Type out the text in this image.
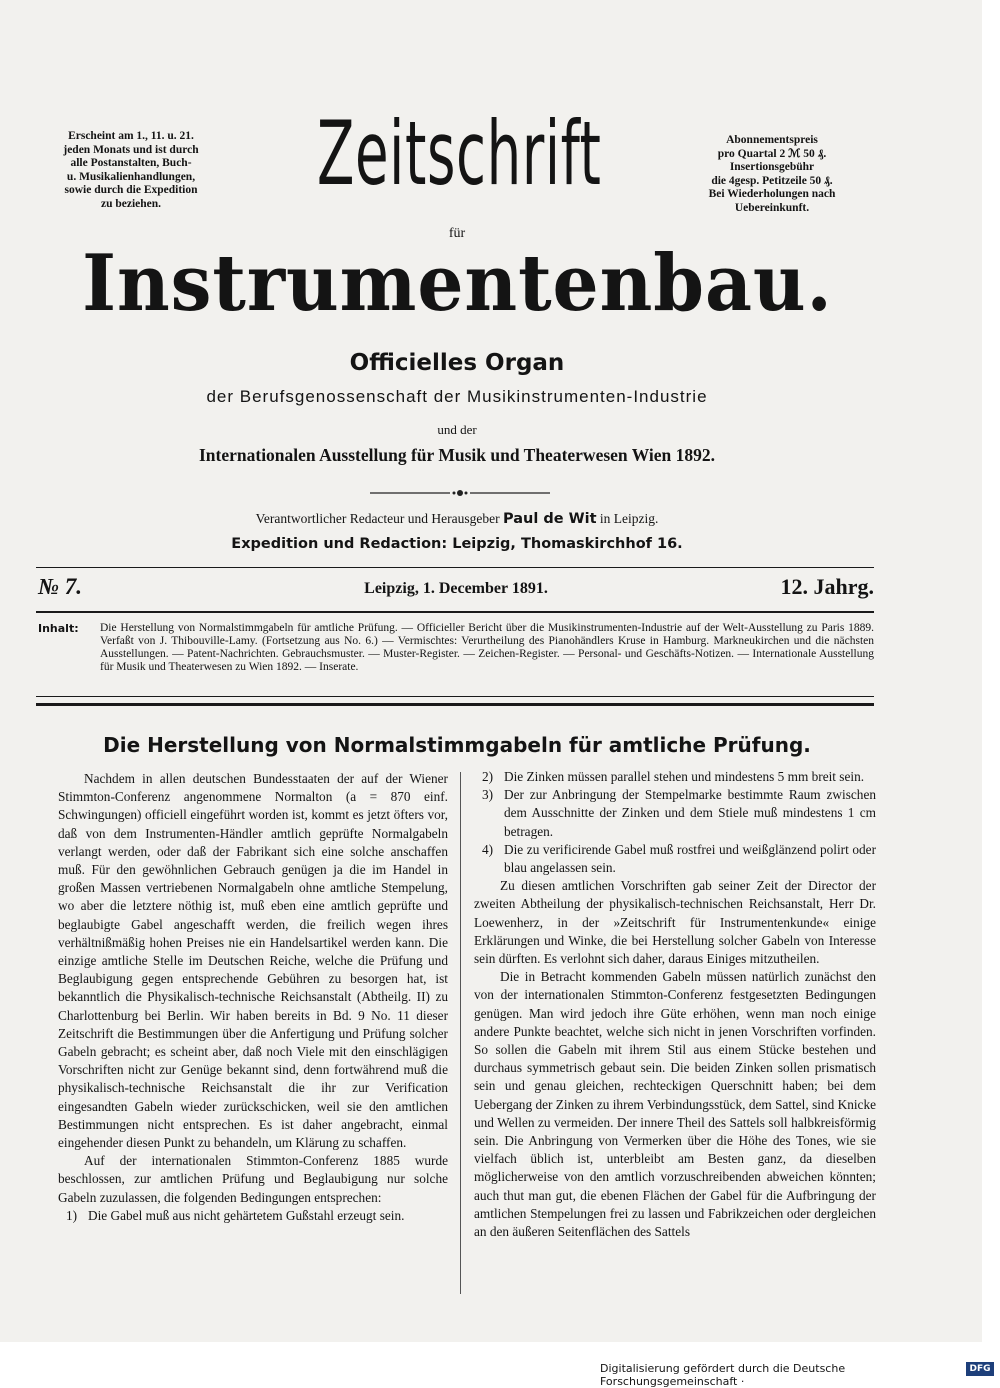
Erscheint am 1., 11. u. 21.
jeden Monats und ist durch
alle Postanstalten, Buch-
u. Musikalienhandlungen,
sowie durch die Expedition
zu beziehen.
Abonnementspreis
pro Quartal 2 ℳ 50 ₰.
Insertionsgebühr
die 4gesp. Petitzeile 50 ₰.
Bei Wiederholungen nach
Uebereinkunft.
Zeitschrift
für
Instrumentenbau.
Officielles Organ
der Berufsgenossenschaft der Musikinstrumenten-Industrie
und der
Internationalen Ausstellung für Musik und Theaterwesen Wien 1892.
Verantwortlicher Redacteur und Herausgeber Paul de Wit in Leipzig.
Expedition und Redaction: Leipzig, Thomaskirchhof 16.
№ 7.	Leipzig, 1. December 1891.	12. Jahrg.
Inhalt: Die Herstellung von Normalstimmgabeln für amtliche Prüfung. — Officieller Bericht über die Musikinstrumenten-Industrie auf der Welt-Ausstellung zu Paris 1889. Verfaßt von J. Thibouville-Lamy. (Fortsetzung aus No. 6.) — Vermischtes: Verurtheilung des Pianohändlers Kruse in Hamburg. Markneukirchen und die nächsten Ausstellungen. — Patent-Nachrichten. Gebrauchsmuster. — Muster-Register. — Zeichen-Register. — Personal- und Geschäfts-Notizen. — Internationale Ausstellung für Musik und Theaterwesen zu Wien 1892. — Inserate.
Die Herstellung von Normalstimmgabeln für amtliche Prüfung.

Nachdem in allen deutschen Bundesstaaten der auf der Wiener Stimmton-Conferenz angenommene Normalton (a = 870 einf. Schwingungen) officiell eingeführt worden ist, kommt es jetzt öfters vor, daß von dem Instrumenten-Händler amtlich geprüfte Normalgabeln verlangt werden, oder daß der Fabrikant sich eine solche anschaffen muß. Für den gewöhnlichen Gebrauch genügen ja die im Handel in großen Massen vertriebenen Normalgabeln ohne amtliche Stempelung, wo aber die letztere nöthig ist, muß eben eine amtlich geprüfte und beglaubigte Gabel angeschafft werden, die freilich wegen ihres verhältnißmäßig hohen Preises nie ein Handelsartikel werden kann. Die einzige amtliche Stelle im Deutschen Reiche, welche die Prüfung und Beglaubigung gegen entsprechende Gebühren zu besorgen hat, ist bekanntlich die Physikalisch-technische Reichsanstalt (Abtheilg. II) zu Charlottenburg bei Berlin. Wir haben bereits in Bd. 9 No. 11 dieser Zeitschrift die Bestimmungen über die Anfertigung und Prüfung solcher Gabeln gebracht; es scheint aber, daß noch Viele mit den einschlägigen Vorschriften nicht zur Genüge bekannt sind, denn fortwährend muß die physikalisch-technische Reichsanstalt die ihr zur Verification eingesandten Gabeln wieder zurückschicken, weil sie den amtlichen Bestimmungen nicht entsprechen. Es ist daher angebracht, einmal eingehender diesen Punkt zu behandeln, um Klärung zu schaffen.

Auf der internationalen Stimmton-Conferenz 1885 wurde beschlossen, zur amtlichen Prüfung und Beglaubigung nur solche Gabeln zuzulassen, die folgenden Bedingungen entsprechen:

1) Die Gabel muß aus nicht gehärtetem Gußstahl erzeugt sein.
2) Die Zinken müssen parallel stehen und mindestens 5 mm breit sein.
3) Der zur Anbringung der Stempelmarke bestimmte Raum zwischen dem Ausschnitte der Zinken und dem Stiele muß mindestens 1 cm betragen.
4) Die zu verificirende Gabel muß rostfrei und weißglänzend polirt oder blau angelassen sein.

Zu diesen amtlichen Vorschriften gab seiner Zeit der Director der zweiten Abtheilung der physikalisch-technischen Reichsanstalt, Herr Dr. Loewenherz, in der »Zeitschrift für Instrumentenkunde« einige Erklärungen und Winke, die bei Herstellung solcher Gabeln von Interesse sein dürften. Es verlohnt sich daher, daraus Einiges mitzutheilen.

Die in Betracht kommenden Gabeln müssen natürlich zunächst den von der internationalen Stimmton-Conferenz festgesetzten Bedingungen genügen. Man wird jedoch ihre Güte erhöhen, wenn man noch einige andere Punkte beachtet, welche sich nicht in jenen Vorschriften vorfinden. So sollen die Gabeln mit ihrem Stil aus einem Stücke bestehen und durchaus symmetrisch gebaut sein. Die beiden Zinken sollen prismatisch sein und genau gleichen, rechteckigen Querschnitt haben; bei dem Uebergang der Zinken zu ihrem Verbindungsstück, dem Sattel, sind Knicke und Wellen zu vermeiden. Der innere Theil des Sattels soll halbkreisförmig sein. Die Anbringung von Vermerken über die Höhe des Tones, wie sie vielfach üblich ist, unterbleibt am Besten ganz, da dieselben möglicherweise von den amtlich vorzuschreibenden abweichen könnten; auch thut man gut, die ebenen Flächen der Gabel für die Aufbringung der amtlichen Stempelungen frei zu lassen und Fabrikzeichen oder dergleichen an den äußeren Seitenflächen des Sattels

Digitalisierung gefördert durch die Deutsche Forschungsgemeinschaft ·
DFG
